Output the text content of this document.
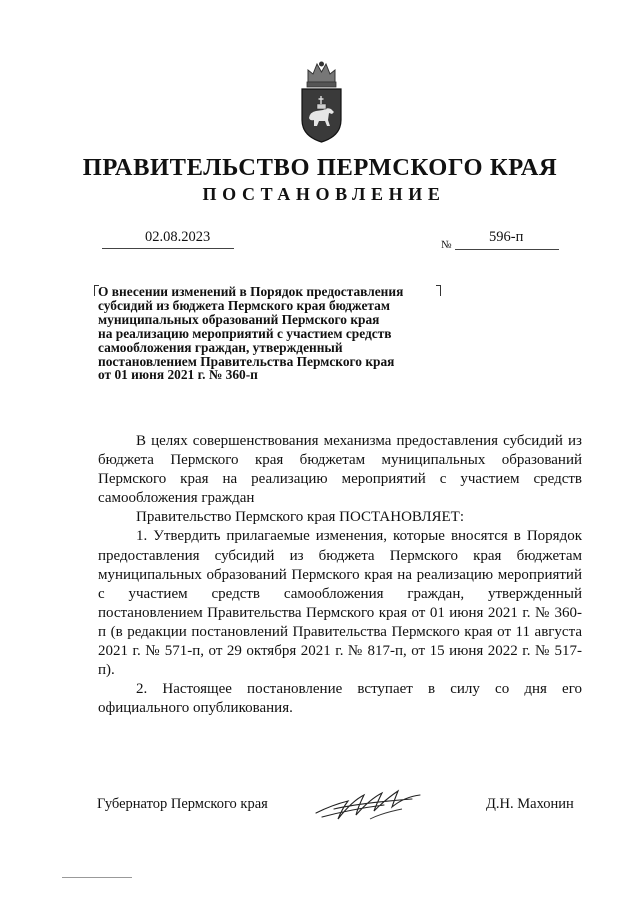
ПРАВИТЕЛЬСТВО ПЕРМСКОГО КРАЯ
ПОСТАНОВЛЕНИЕ
02.08.2023	№	596-п
О внесении изменений в Порядок предоставления
субсидий из бюджета Пермского края бюджетам
муниципальных образований Пермского края
на реализацию мероприятий с участием средств
самообложения граждан, утвержденный
постановлением Правительства Пермского края
от 01 июня 2021 г. № 360-п

В целях совершенствования механизма предоставления субсидий из бюджета Пермского края бюджетам муниципальных образований Пермского края на реализацию мероприятий с участием средств самообложения граждан

Правительство Пермского края ПОСТАНОВЛЯЕТ:

1. Утвердить прилагаемые изменения, которые вносятся в Порядок предоставления субсидий из бюджета Пермского края бюджетам муниципальных образований Пермского края на реализацию мероприятий с участием средств самообложения граждан, утвержденный постановлением Правительства Пермского края от 01 июня 2021 г. № 360-п (в редакции постановлений Правительства Пермского края от 11 августа 2021 г. № 571-п, от 29 октября 2021 г. № 817-п, от 15 июня 2022 г. № 517-п).

2. Настоящее постановление вступает в силу со дня его официального опубликования.

Губернатор Пермского края	Д.Н. Махонин
